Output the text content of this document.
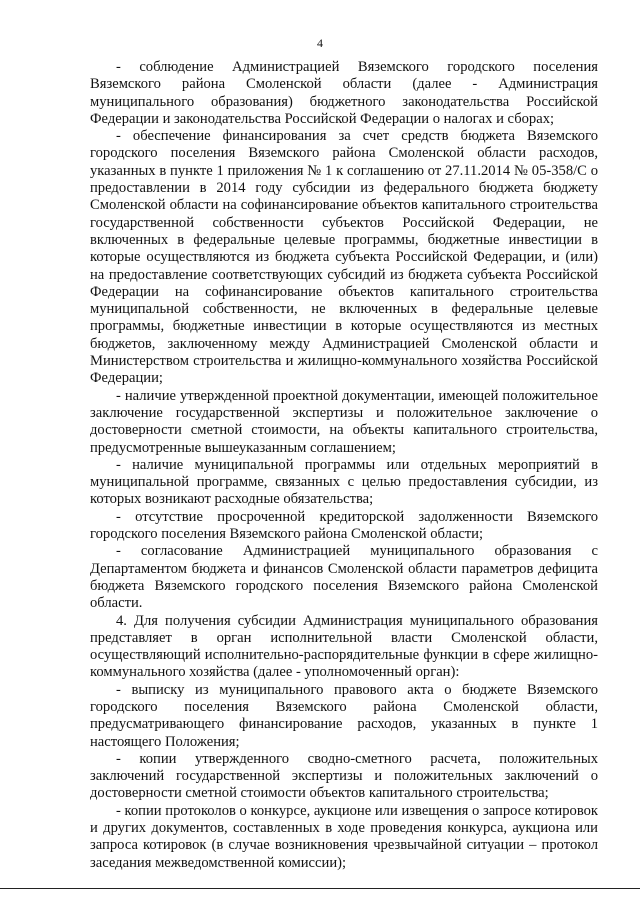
4

- соблюдение Администрацией Вяземского городского поселения Вяземского района Смоленской области (далее - Администрация муниципального образования) бюджетного законодательства Российской Федерации и законодательства Российской Федерации о налогах и сборах;

- обеспечение финансирования за счет средств бюджета Вяземского городского поселения Вяземского района Смоленской области расходов, указанных в пункте 1 приложения № 1 к соглашению от 27.11.2014 № 05-358/С о предоставлении в 2014 году субсидии из федерального бюджета бюджету Смоленской области на софинансирование объектов капитального строительства государственной собственности субъектов Российской Федерации, не включенных в федеральные целевые программы, бюджетные инвестиции в которые осуществляются из бюджета субъекта Российской Федерации, и (или) на предоставление соответствующих субсидий из бюджета субъекта Российской Федерации на софинансирование объектов капитального строительства муниципальной собственности, не включенных в федеральные целевые программы, бюджетные инвестиции в которые осуществляются из местных бюджетов, заключенному между Администрацией Смоленской области и Министерством строительства и жилищно-коммунального хозяйства Российской Федерации;

- наличие утвержденной проектной документации, имеющей положительное заключение государственной экспертизы и положительное заключение о достоверности сметной стоимости, на объекты капитального строительства, предусмотренные вышеуказанным соглашением;

- наличие муниципальной программы или отдельных мероприятий в муниципальной программе, связанных с целью предоставления субсидии, из которых возникают расходные обязательства;

- отсутствие просроченной кредиторской задолженности Вяземского городского поселения Вяземского района Смоленской области;

- согласование Администрацией муниципального образования с Департаментом бюджета и финансов Смоленской области параметров дефицита бюджета Вяземского городского поселения Вяземского района Смоленской области.

4. Для получения субсидии Администрация муниципального образования представляет в орган исполнительной власти Смоленской области, осуществляющий исполнительно-распорядительные функции в сфере жилищно-коммунального хозяйства (далее - уполномоченный орган):

- выписку из муниципального правового акта о бюджете Вяземского городского поселения Вяземского района Смоленской области, предусматривающего финансирование расходов, указанных в пункте 1 настоящего Положения;

- копии утвержденного сводно-сметного расчета, положительных заключений государственной экспертизы и положительных заключений о достоверности сметной стоимости объектов капитального строительства;

- копии протоколов о конкурсе, аукционе или извещения о запросе котировок и других документов, составленных в ходе проведения конкурса, аукциона или запроса котировок (в случае возникновения чрезвычайной ситуации – протокол заседания межведомственной комиссии);
